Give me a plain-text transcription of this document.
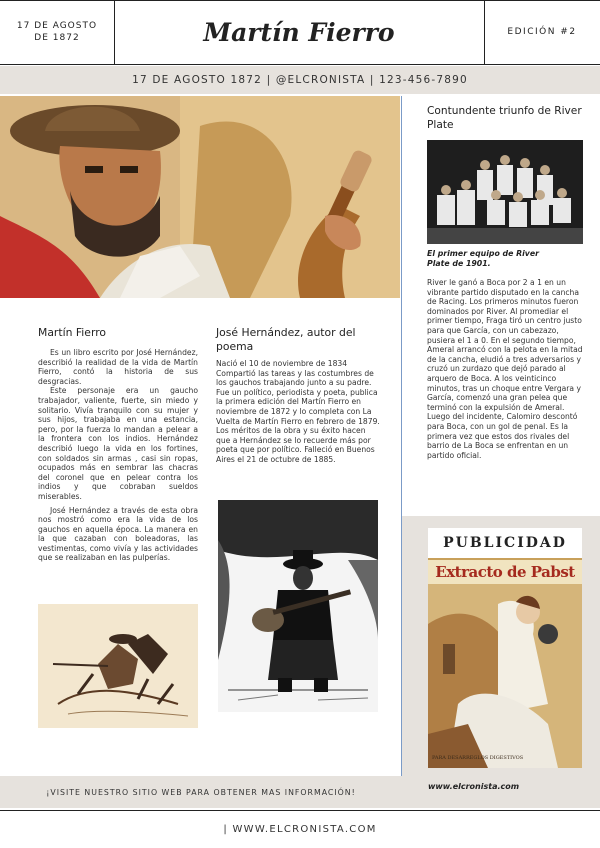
17 DE AGOSTO
DE 1872	Martín Fierro	EDICIÓN #2
17 DE AGOSTO 1872 | @ELCRONISTA | 123-456-7890
Martín Fierro
Es un libro escrito por José Hernández, describió la realidad de la vida de Martín Fierro, contó la historia de sus desgracias.
Este personaje era un gaucho trabajador, valiente, fuerte, sin miedo y solitario. Vivía tranquilo con su mujer y sus hijos, trabajaba en una estancia, pero, por la fuerza lo mandan a pelear a la frontera con los indios. Hernández describió luego la vida en los fortines, con soldados sin armas , casi sin ropas, ocupados más en sembrar las chacras del coronel que en pelear contra los indios y que cobraban sueldos miserables.
José Hernández a través de esta obra nos mostró como era la vida de los gauchos en aquella época. La manera en la que cazaban con boleadoras, las vestimentas, como vivía y las actividades que se realizaban en las pulperías.
José Hernández, autor del poema
Nació el 10 de noviembre de 1834 Compartió las tareas y las costumbres de los gauchos trabajando junto a su padre. Fue un político, periodista y poeta, publica la primera edición del Martín Fierro en noviembre de 1872 y lo completa con La Vuelta de Martín Fierro en febrero de 1879.
Los méritos de la obra y su éxito hacen que a Hernández se lo recuerde más por poeta que por político. Falleció en Buenos Aires el 21 de octubre de 1885.
Contundente triunfo de River Plate
El primer equipo de River Plate de 1901.
River le ganó a Boca por 2 a 1 en un vibrante partido disputado en la cancha de Racing. Los primeros minutos fueron dominados por River. Al promediar el primer tiempo, Fraga tiró un centro justo para que García, con un cabezazo, pusiera el 1 a 0. En el segundo tiempo, Ameral arrancó con la pelota en la mitad de la cancha, eludió a tres adversarios y cruzó un zurdazo que dejó parado al arquero de Boca. A los veinticinco minutos, tras un choque entre Vergara y García, comenzó una gran pelea que terminó con la expulsión de Ameral. Luego del incidente, Calomiro descontó para Boca, con un gol de penal. Es la primera vez que estos dos rivales del barrio de La Boca se enfrentan en un partido oficial.
PUBLICIDAD
Extracto de Pabst
PARA DESARREGLOS DIGESTIVOS
www.elcronista.com
¡VISITE NUESTRO SITIO WEB PARA OBTENER MAS INFORMACIÓN!
| WWW.ELCRONISTA.COM
